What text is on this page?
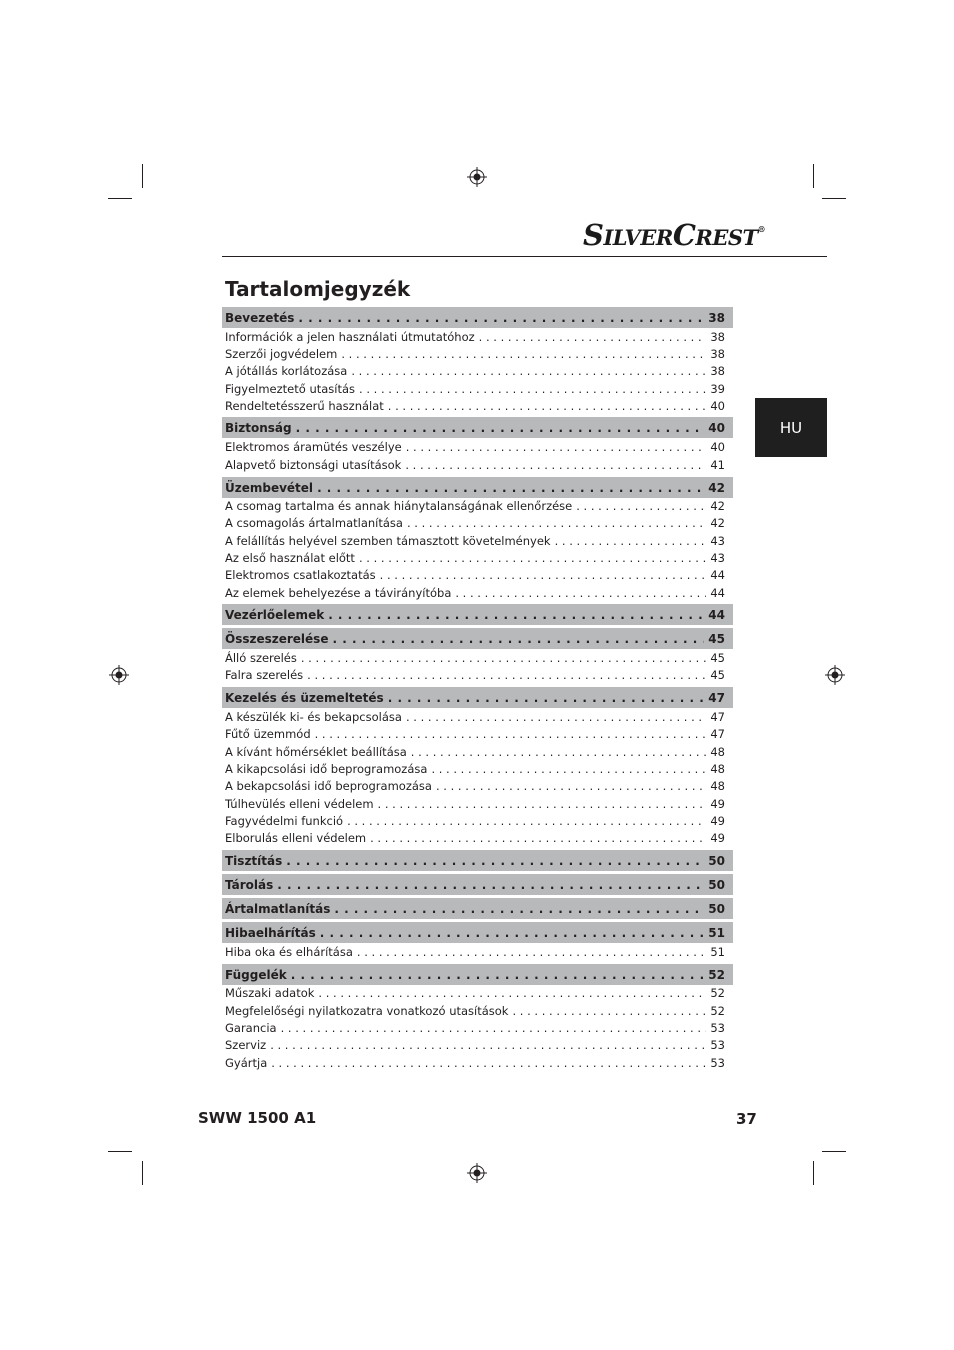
SILVERCREST®
Tartalomjegyzék
HU
Bevezetés . . .	38
Információk a jelen használati útmutatóhoz . . .	38
Szerzői jogvédelem . . .	38
A jótállás korlátozása . . .	38
Figyelmeztető utasítás . . .	39
Rendeltetésszerű használat . . .	40
Biztonság . . .	40
Elektromos áramütés veszélye . . .	40
Alapvető biztonsági utasítások . . .	41
Üzembevétel . . .	42
A csomag tartalma és annak hiánytalanságának ellenőrzése . . .	42
A csomagolás ártalmatlanítása . . .	42
A felállítás helyével szemben támasztott követelmények . . .	43
Az első használat előtt . . .	43
Elektromos csatlakoztatás . . .	44
Az elemek behelyezése a távirányítóba . . .	44
Vezérlőelemek . . .	44
Összeszerelése . . .	45
Álló szerelés . . .	45
Falra szerelés . . .	45
Kezelés és üzemeltetés . . .	47
A készülék ki- és bekapcsolása . . .	47
Fűtő üzemmód . . .	47
A kívánt hőmérséklet beállítása . . .	48
A kikapcsolási idő beprogramozása . . .	48
A bekapcsolási idő beprogramozása . . .	48
Túlhevülés elleni védelem . . .	49
Fagyvédelmi funkció . . .	49
Elborulás elleni védelem . . .	49
Tisztítás . . .	50
Tárolás . . .	50
Ártalmatlanítás . . .	50
Hibaelhárítás . . .	51
Hiba oka és elhárítása . . .	51
Függelék . . .	52
Műszaki adatok . . .	52
Megfelelőségi nyilatkozatra vonatkozó utasítások . . .	52
Garancia . . .	53
Szerviz . . .	53
Gyártja . . .	53
SWW 1500 A1	37
